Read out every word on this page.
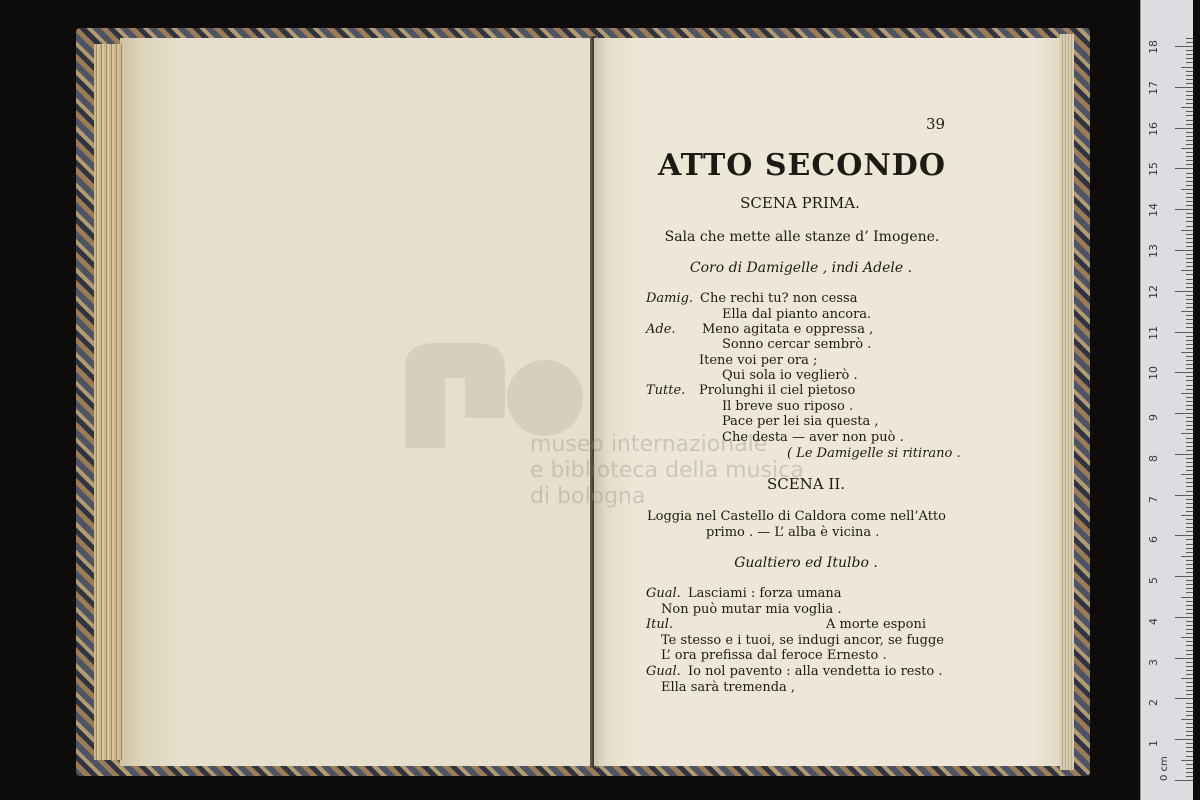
museo internazionale
e biblioteca della musica
di bologna
39
ATTO SECONDO
SCENA PRIMA.
Sala che mette alle stanze d’ Imogene.
Coro di Damigelle , indi Adele .
Damig. Che rechi tu? non cessa
Ella dal pianto ancora.
Ade. Meno agitata e oppressa ,
Sonno cercar sembrò .
Itene voi per ora ;
Qui sola io veglierò .
Tutte. Prolunghi il ciel pietoso
Il breve suo riposo .
Pace per lei sia questa ,
Che desta — aver non può .
( Le Damigelle si ritirano .
SCENA II.
Loggia nel Castello di Caldora come nell’Atto
primo . — L’ alba è vicina .
Gualtiero ed Itulbo .
Gual. Lasciami : forza umana
Non può mutar mia voglia .
Itul.	A morte esponi
Te stesso e i tuoi, se indugi ancor, se fugge
L’ ora prefissa dal feroce Ernesto .
Gual. Io nol pavento : alla vendetta io resto .
Ella sarà tremenda ,
0 cm
1
2
3
4
5
6
7
8
9
10
11
12
13
14
15
16
17
18
